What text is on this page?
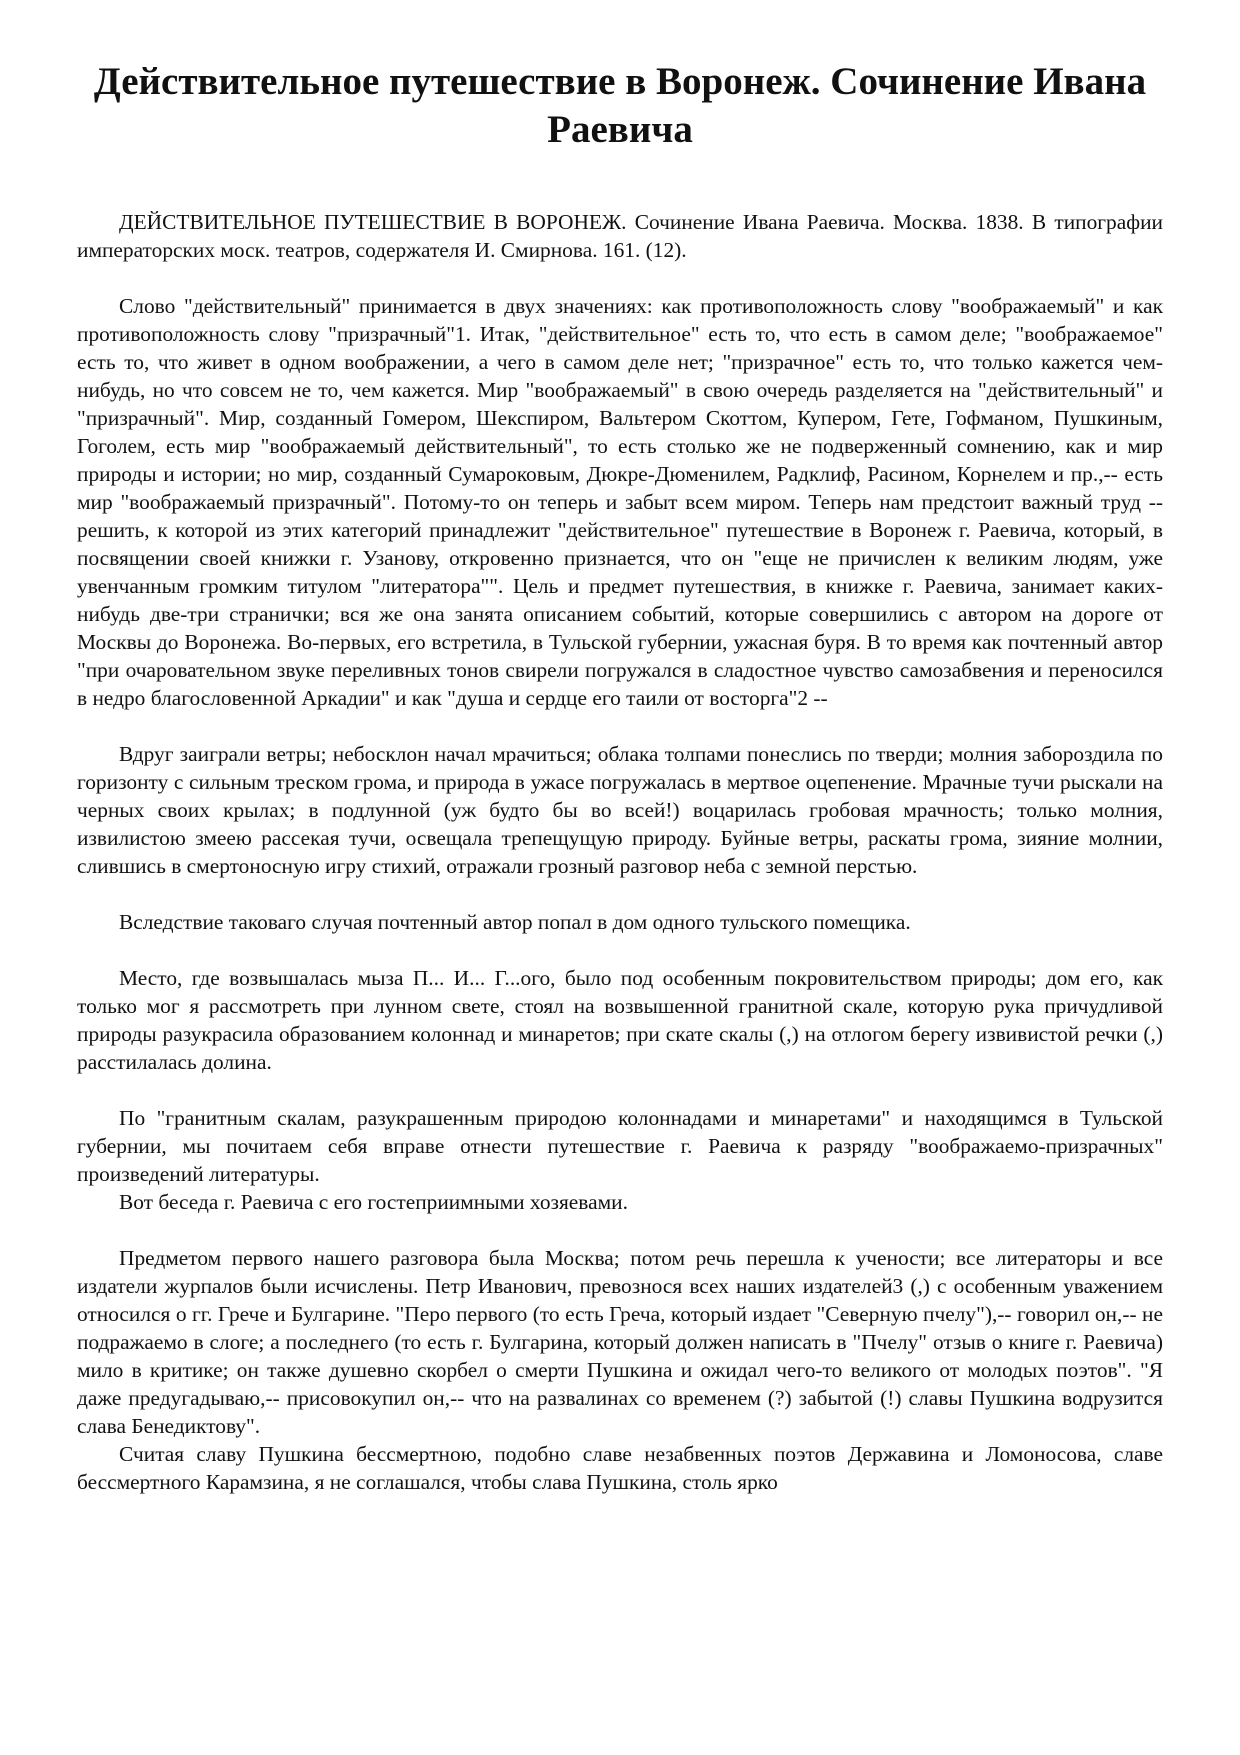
Действительное путешествие в Воронеж. Сочинение Ивана Раевича

ДЕЙСТВИТЕЛЬНОЕ ПУТЕШЕСТВИЕ В ВОРОНЕЖ. Сочинение Ивана Раевича. Москва. 1838. В типографии императорских моск. театров, содержателя И. Смирнова. 161. (12).

Слово "действительный" принимается в двух значениях: как противоположность слову "воображаемый" и как противоположность слову "призрачный"1. Итак, "действительное" есть то, что есть в самом деле; "воображаемое" есть то, что живет в одном воображении, а чего в самом деле нет; "призрачное" есть то, что только кажется чем-нибудь, но что совсем не то, чем кажется. Мир "воображаемый" в свою очередь разделяется на "действительный" и "призрачный". Мир, созданный Гомером, Шекспиром, Вальтером Скоттом, Купером, Гете, Гофманом, Пушкиным, Гоголем, есть мир "воображаемый действительный", то есть столько же не подверженный сомнению, как и мир природы и истории; но мир, созданный Сумароковым, Дюкре-Дюменилем, Радклиф, Расином, Корнелем и пр.,-- есть мир "воображаемый призрачный". Потому-то он теперь и забыт всем миром. Теперь нам предстоит важный труд -- решить, к которой из этих категорий принадлежит "действительное" путешествие в Воронеж г. Раевича, который, в посвящении своей книжки г. Узанову, откровенно признается, что он "еще не причислен к великим людям, уже увенчанным громким титулом "литератора"". Цель и предмет путешествия, в книжке г. Раевича, занимает каких-нибудь две-три странички; вся же она занята описанием событий, которые совершились с автором на дороге от Москвы до Воронежа. Во-первых, его встретила, в Тульской губернии, ужасная буря. В то время как почтенный автор "при очаровательном звуке переливных тонов свирели погружался в сладостное чувство самозабвения и переносился в недро благословенной Аркадии" и как "душа и сердце его таили от восторга"2 --

Вдруг заиграли ветры; небосклон начал мрачиться; облака толпами понеслись по тверди; молния забороздила по горизонту с сильным треском грома, и природа в ужасе погружалась в мертвое оцепенение. Мрачные тучи рыскали на черных своих крылах; в подлунной (уж будто бы во всей!) воцарилась гробовая мрачность; только молния, извилистою змеею рассекая тучи, освещала трепещущую природу. Буйные ветры, раскаты грома, зияние молнии, слившись в смертоносную игру стихий, отражали грозный разговор неба с земной перстью.

Вследствие таковаго случая почтенный автор попал в дом одного тульского помещика.

Место, где возвышалась мыза П... И... Г...ого, было под особенным покровительством природы; дом его, как только мог я рассмотреть при лунном свете, стоял на возвышенной гранитной скале, которую рука причудливой природы разукрасила образованием колоннад и минаретов; при скате скалы (,) на отлогом берегу извивистой речки (,) расстилалась долина.

По "гранитным скалам, разукрашенным природою колоннадами и минаретами" и находящимся в Тульской губернии, мы почитаем себя вправе отнести путешествие г. Раевича к разряду "воображаемо-призрачных" произведений литературы.

Вот беседа г. Раевича с его гостеприимными хозяевами.

Предметом первого нашего разговора была Москва; потом речь перешла к учености; все литераторы и все издатели журпалов были исчислены. Петр Иванович, превознося всех наших издателей3 (,) с особенным уважением относился о гг. Грече и Булгарине. "Перо первого (то есть Греча, который издает "Северную пчелу"),-- говорил он,-- не подражаемо в слоге; а последнего (то есть г. Булгарина, который должен написать в "Пчелу" отзыв о книге г. Раевича) мило в критике; он также душевно скорбел о смерти Пушкина и ожидал чего-то великого от молодых поэтов". "Я даже предугадываю,-- присовокупил он,-- что на развалинах со временем (?) забытой (!) славы Пушкина водрузится слава Бенедиктову".

Считая славу Пушкина бессмертною, подобно славе незабвенных поэтов Державина и Ломоносова, славе бессмертного Карамзина, я не соглашался, чтобы слава Пушкина, столь ярко
